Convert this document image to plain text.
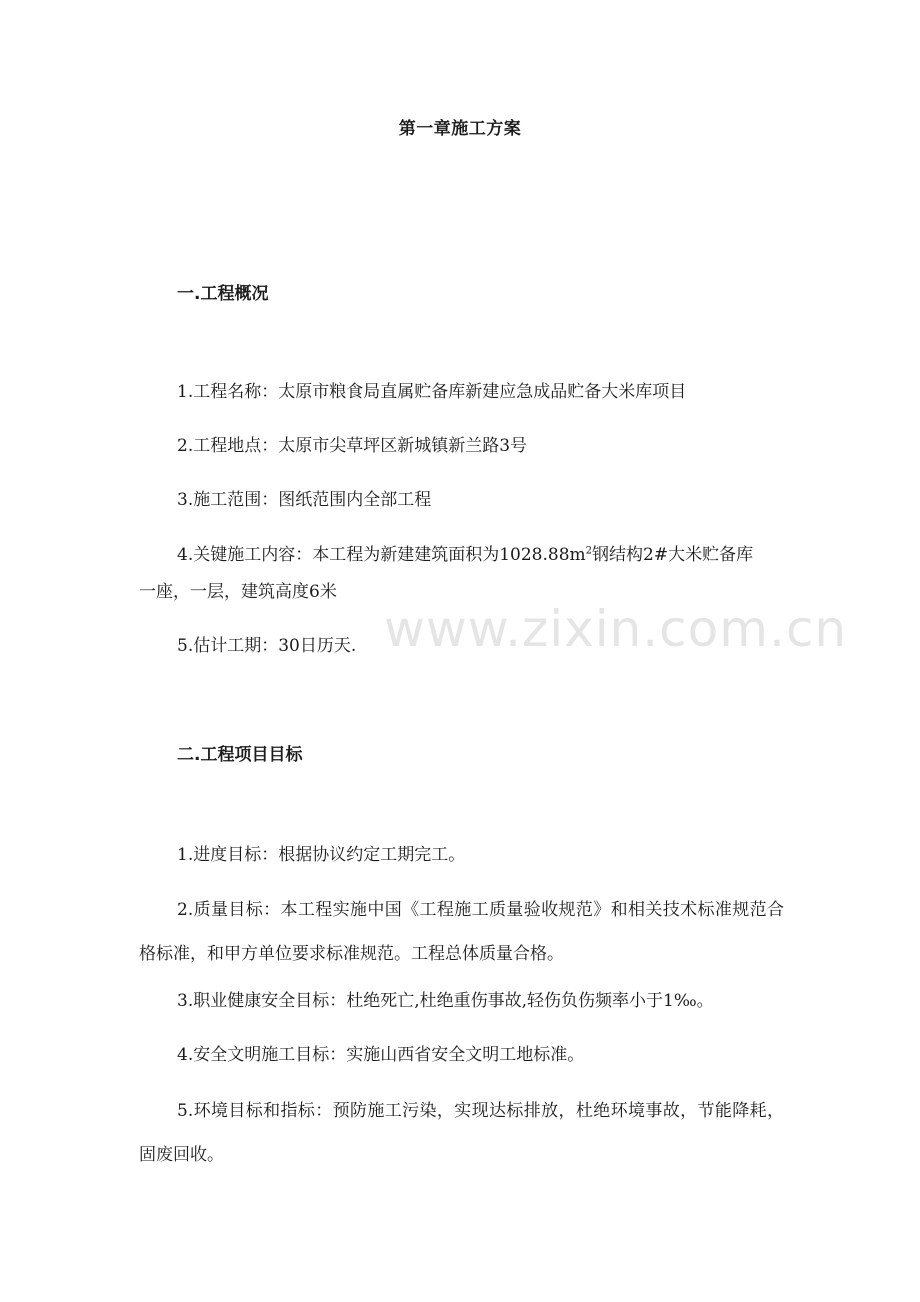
www.zixin.com.cn
第一章施工方案
一.工程概况
1.工程名称：太原市粮食局直属贮备库新建应急成品贮备大米库项目
2.工程地点：太原市尖草坪区新城镇新兰路3号
3.施工范围：图纸范围内全部工程
4.关键施工内容：本工程为新建建筑面积为$1028.88m^2$钢结构2#大米贮备库
一座，一层，建筑高度6米
5.估计工期：30日历天.
二.工程项目目标
1.进度目标：根据协议约定工期完工。
2.质量目标：本工程实施中国《工程施工质量验收规范》和相关技术标准规范合格标准，和甲方单位要求标准规范。工程总体质量合格。
3.职业健康安全目标：杜绝死亡,杜绝重伤事故,轻伤负伤频率小于1‰。
4.安全文明施工目标：实施山西省安全文明工地标准。
5.环境目标和指标：预防施工污染，实现达标排放，杜绝环境事故，节能降耗，固废回收。
